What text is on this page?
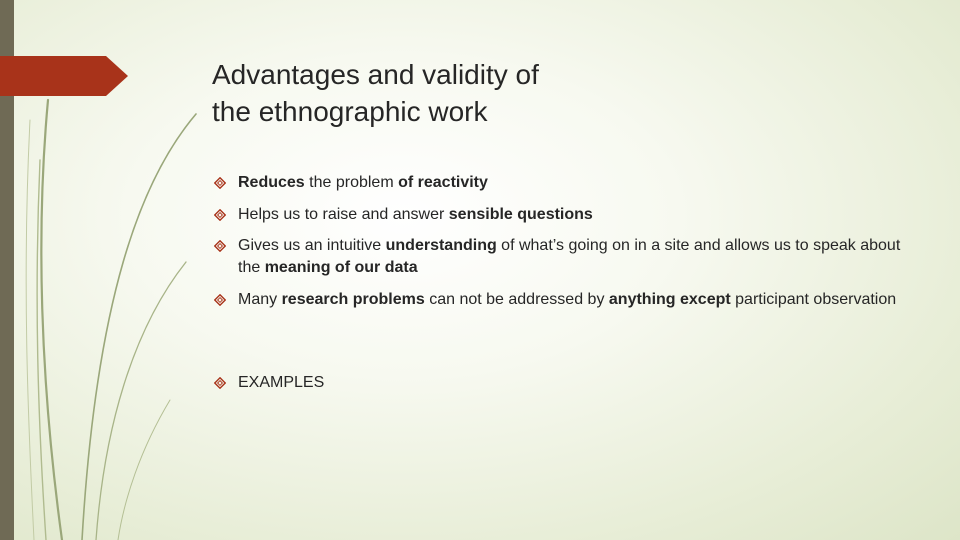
Advantages and validity of
the ethnographic work
Reduces the problem of reactivity
Helps us to raise and answer sensible questions
Gives us an intuitive understanding of what’s going on in a site and allows us to speak about the meaning of our data
Many research problems can not be addressed by anything except participant observation
EXAMPLES
